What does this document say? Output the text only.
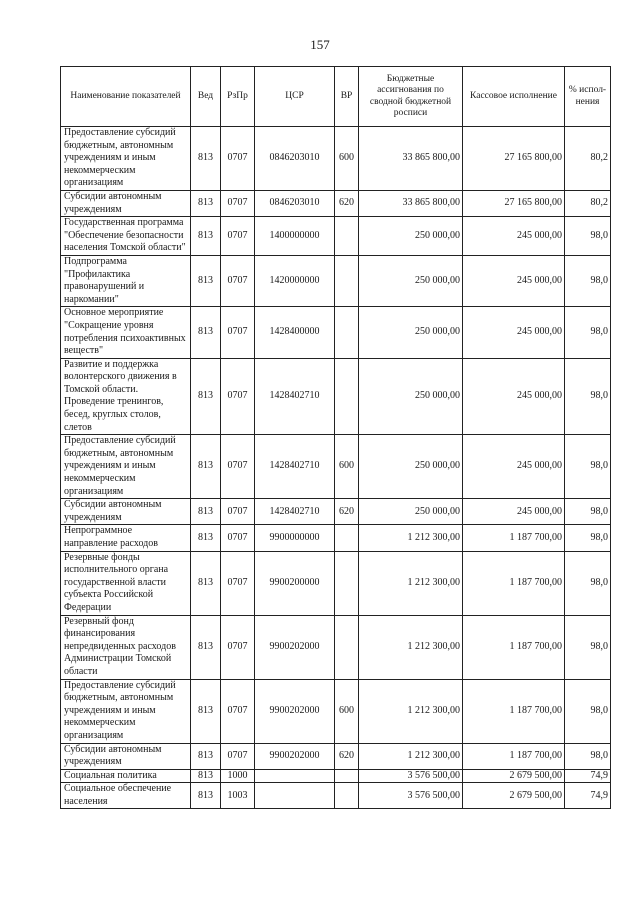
157
Наименование показателей	Вед	РзПр	ЦСР	ВР	Бюджетные ассигнования по сводной бюджетной росписи	Кассовое исполнение	% испол-нения
Предоставление субсидий бюджетным, автономным учреждениям и иным некоммерческим организациям	813	0707	0846203010	600	33 865 800,00	27 165 800,00	80,2
Субсидии автономным учреждениям	813	0707	0846203010	620	33 865 800,00	27 165 800,00	80,2
Государственная программа "Обеспечение безопасности населения Томской области"	813	0707	1400000000		250 000,00	245 000,00	98,0
Подпрограмма "Профилактика правонарушений и наркомании"	813	0707	1420000000		250 000,00	245 000,00	98,0
Основное мероприятие "Сокращение уровня потребления психоактивных веществ"	813	0707	1428400000		250 000,00	245 000,00	98,0
Развитие и поддержка волонтерского движения в Томской области. Проведение тренингов, бесед, круглых столов, слетов	813	0707	1428402710		250 000,00	245 000,00	98,0
Предоставление субсидий бюджетным, автономным учреждениям и иным некоммерческим организациям	813	0707	1428402710	600	250 000,00	245 000,00	98,0
Субсидии автономным учреждениям	813	0707	1428402710	620	250 000,00	245 000,00	98,0
Непрограммное направление расходов	813	0707	9900000000		1 212 300,00	1 187 700,00	98,0
Резервные фонды исполнительного органа государственной власти субъекта Российской Федерации	813	0707	9900200000		1 212 300,00	1 187 700,00	98,0
Резервный фонд финансирования непредвиденных расходов Администрации Томской области	813	0707	9900202000		1 212 300,00	1 187 700,00	98,0
Предоставление субсидий бюджетным, автономным учреждениям и иным некоммерческим организациям	813	0707	9900202000	600	1 212 300,00	1 187 700,00	98,0
Субсидии автономным учреждениям	813	0707	9900202000	620	1 212 300,00	1 187 700,00	98,0
Социальная политика	813	1000			3 576 500,00	2 679 500,00	74,9
Социальное обеспечение населения	813	1003			3 576 500,00	2 679 500,00	74,9
